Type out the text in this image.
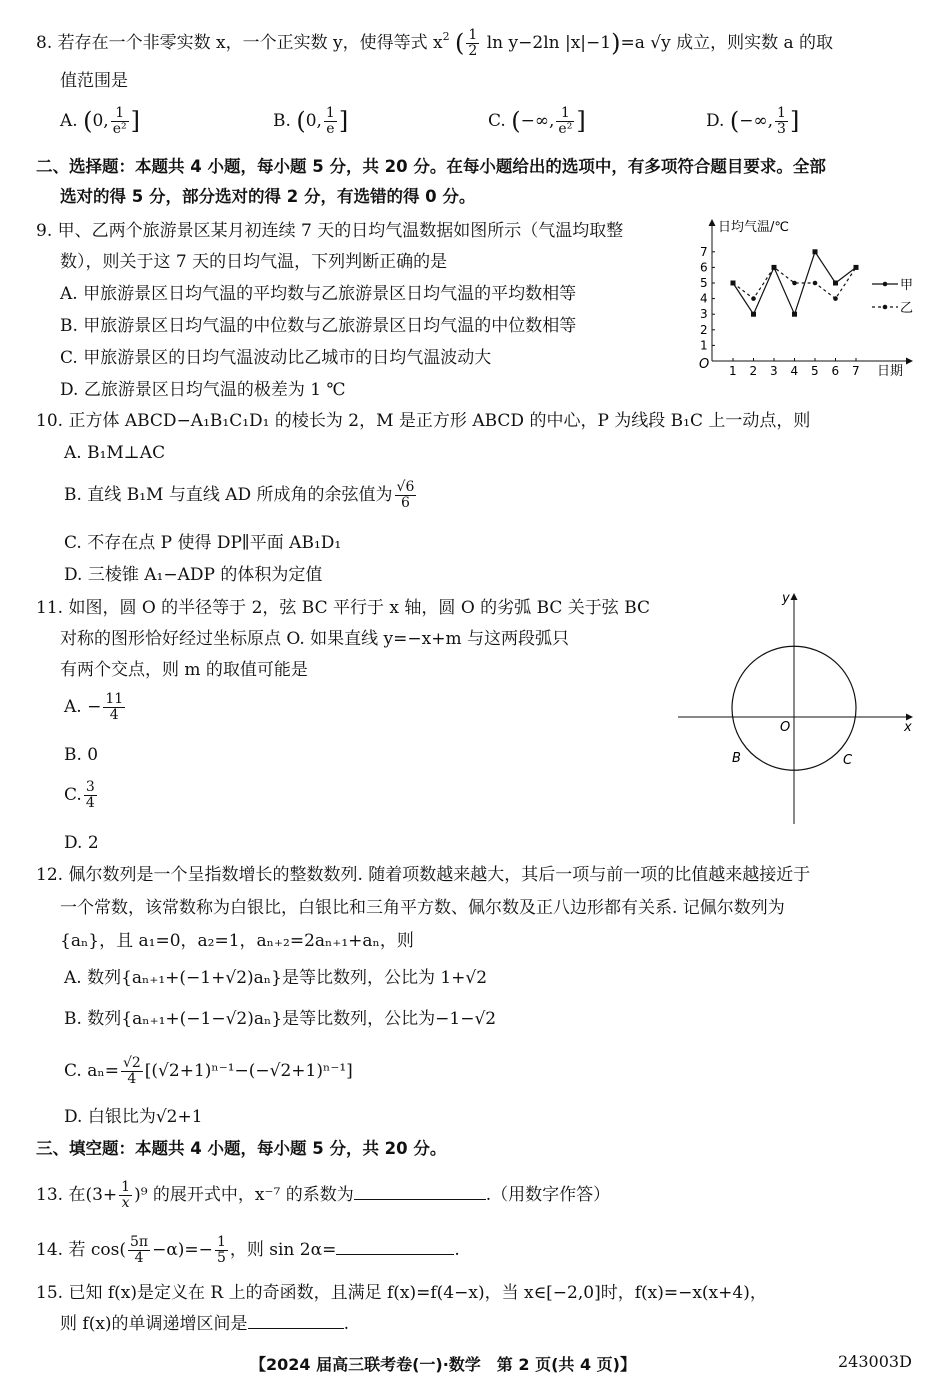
8. 若存在一个非零实数 x，一个正实数 y，使得等式 $x^2$ ( $\frac{1}{2}$ ln y−2ln |x|−1)=a √y 成立，则实数 a 的取
值范围是
A. (0, $\frac{1}{\text{e²}}$ ]	B. (0, $\frac{1}{e}$ ]	C. (−∞, $\frac{1}{\text{e²}}$ ]	D. (−∞, $\frac{1}{3}$ ]
二、选择题：本题共 4 小题，每小题 5 分，共 20 分。在每小题给出的选项中，有多项符合题目要求。全部
选对的得 5 分，部分选对的得 2 分，有选错的得 0 分。
9. 甲、乙两个旅游景区某月初连续 7 天的日均气温数据如图所示（气温均取整
数），则关于这 7 天的日均气温，下列判断正确的是
A. 甲旅游景区日均气温的平均数与乙旅游景区日均气温的平均数相等
B. 甲旅游景区日均气温的中位数与乙旅游景区日均气温的中位数相等
C. 甲旅游景区的日均气温波动比乙城市的日均气温波动大
D. 乙旅游景区日均气温的极差为 1 ℃
日均气温/℃
O	日期
1
2
3
4
5
6
7
1 2 3 4 5 6 7
甲
乙
10. 正方体 ABCD−A₁B₁C₁D₁ 的棱长为 2，M 是正方形 ABCD 的中心，P 为线段 B₁C 上一动点，则
A. B₁M⊥AC
B. 直线 B₁M 与直线 AD 所成角的余弦值为 $\frac{√6}{6}$
C. 不存在点 P 使得 DP∥平面 AB₁D₁
D. 三棱锥 A₁−ADP 的体积为定值
11. 如图，圆 O 的半径等于 2，弦 BC 平行于 x 轴，圆 O 的劣弧 BC 关于弦 BC
对称的图形恰好经过坐标原点 O. 如果直线 y=−x+m 与这两段弧只
有两个交点，则 m 的取值可能是
A. − $\frac{11}{4}$
B. 0
C. $\frac{3}{4}$
D. 2
y
x
O
B	C
12. 佩尔数列是一个呈指数增长的整数数列. 随着项数越来越大，其后一项与前一项的比值越来越接近于
一个常数，该常数称为白银比，白银比和三角平方数、佩尔数及正八边形都有关系. 记佩尔数列为
{aₙ}，且 a₁=0，a₂=1，aₙ₊₂=2aₙ₊₁+aₙ，则
A. 数列{aₙ₊₁+(−1+√2)aₙ}是等比数列，公比为 1+√2
B. 数列{aₙ₊₁+(−1−√2)aₙ}是等比数列，公比为−1−√2
C. $a_n= \frac{√2}{4} [(√2+1)^{n-1}-(-√2+1)^{n-1}]$
D. 白银比为√2+1
三、填空题：本题共 4 小题，每小题 5 分，共 20 分。
13. 在$(3+ \frac{1}{x} )^9$ 的展开式中，x⁻⁷ 的系数为	.（用数字作答）
14. 若 $\cos( \frac{5\pi}{4} -\alpha)=- \frac{1}{5}$ ，则 sin 2α=	.
15. 已知 f(x)是定义在 R 上的奇函数，且满足 f(x)=f(4−x)，当 x∈[−2,0]时，f(x)=−x(x+4)，
则 f(x)的单调递增区间是	.
【2024 届高三联考卷(一)·数学　第 2 页(共 4 页)】	243003D
